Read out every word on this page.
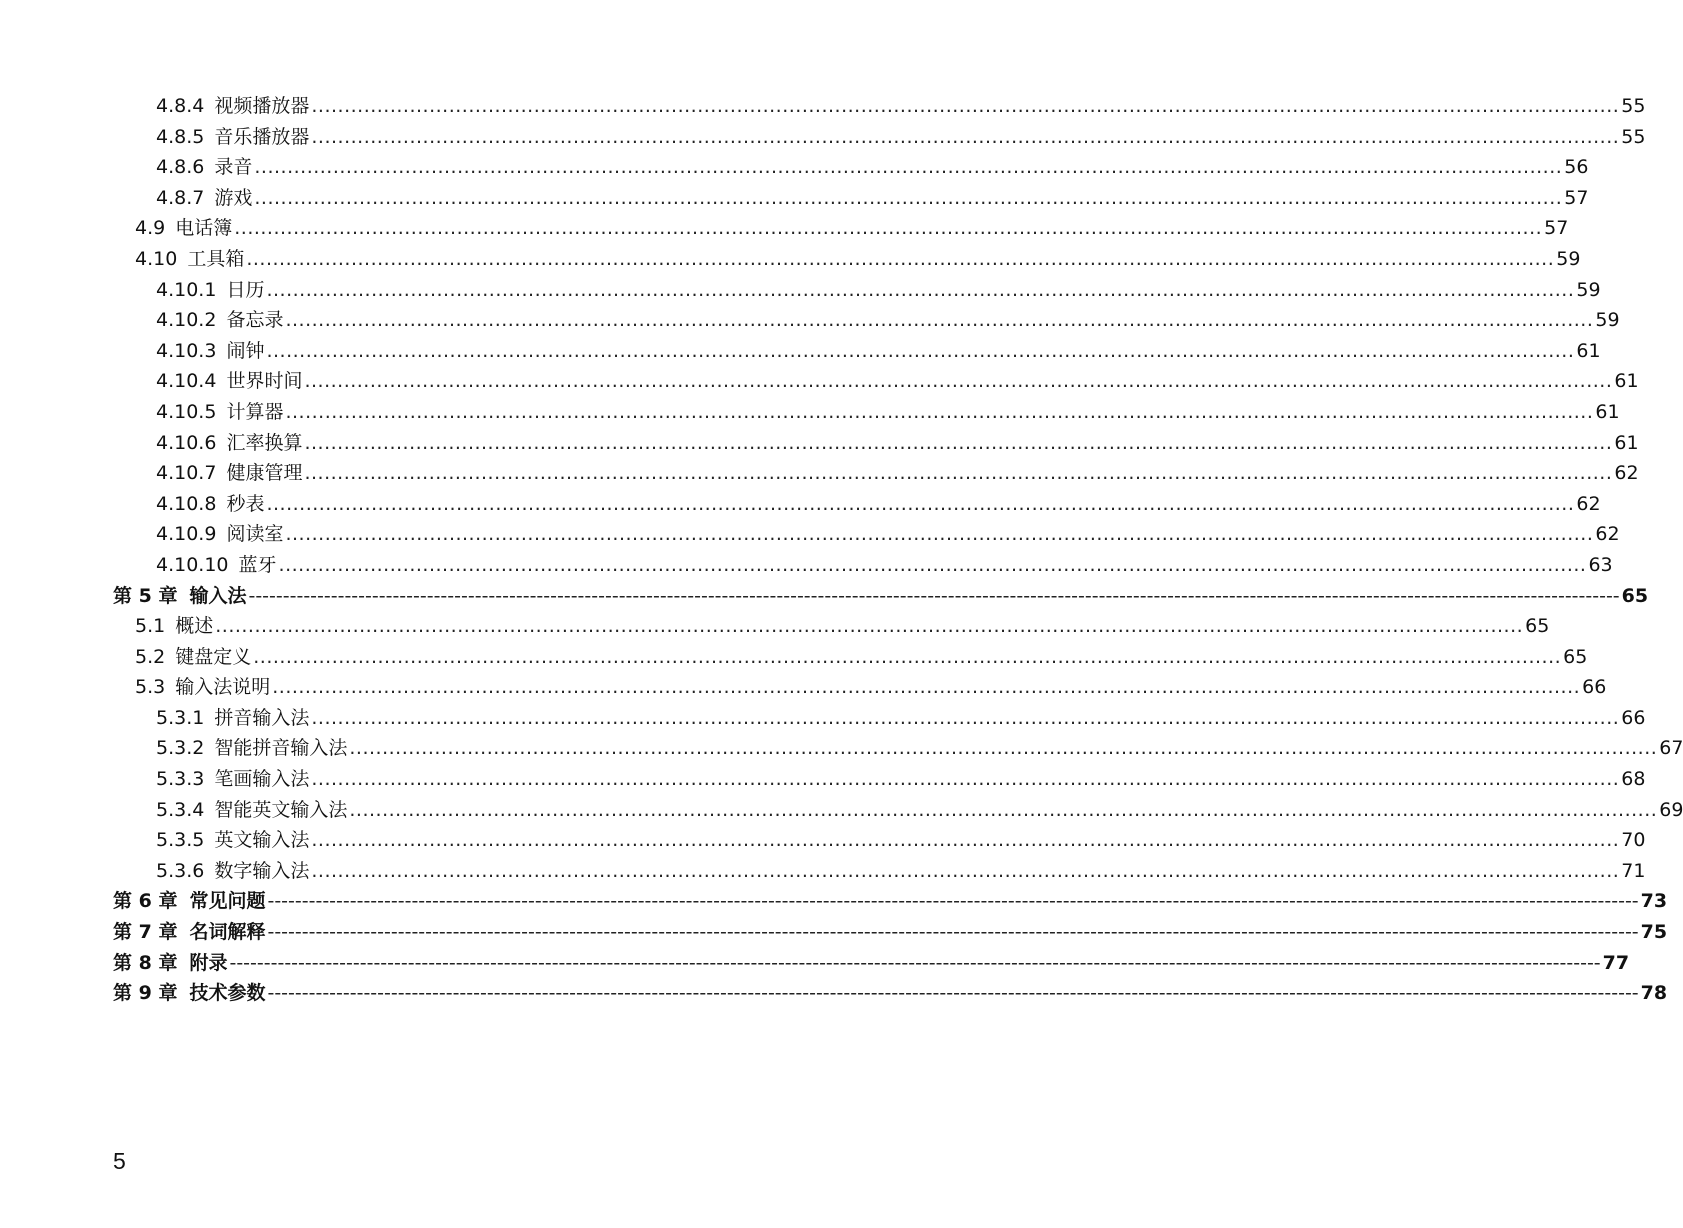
4.8.4 视频播放器 ........................................................................................................................................................................................................ 55
4.8.5 音乐播放器 ........................................................................................................................................................................................................ 55
4.8.6 录音 ........................................................................................................................................................................................................ 56
4.8.7 游戏 ........................................................................................................................................................................................................ 57
4.9 电话簿 ........................................................................................................................................................................................................ 57
4.10 工具箱 ........................................................................................................................................................................................................ 59
4.10.1 日历 ........................................................................................................................................................................................................ 59
4.10.2 备忘录 ........................................................................................................................................................................................................ 59
4.10.3 闹钟 ........................................................................................................................................................................................................ 61
4.10.4 世界时间 ........................................................................................................................................................................................................ 61
4.10.5 计算器 ........................................................................................................................................................................................................ 61
4.10.6 汇率换算 ........................................................................................................................................................................................................ 61
4.10.7 健康管理 ........................................................................................................................................................................................................ 62
4.10.8 秒表 ........................................................................................................................................................................................................ 62
4.10.9 阅读室 ........................................................................................................................................................................................................ 62
4.10.10 蓝牙 ........................................................................................................................................................................................................ 63
第 5 章 输入法 -------------------------------------------------------------------------------------------------------------------------------------------------------------------------------------------------------- 65
5.1 概述 ........................................................................................................................................................................................................ 65
5.2 键盘定义 ........................................................................................................................................................................................................ 65
5.3 输入法说明 ........................................................................................................................................................................................................ 66
5.3.1 拼音输入法 ........................................................................................................................................................................................................ 66
5.3.2 智能拼音输入法 ........................................................................................................................................................................................................ 67
5.3.3 笔画输入法 ........................................................................................................................................................................................................ 68
5.3.4 智能英文输入法 ........................................................................................................................................................................................................ 69
5.3.5 英文输入法 ........................................................................................................................................................................................................ 70
5.3.6 数字输入法 ........................................................................................................................................................................................................ 71
第 6 章 常见问题 -------------------------------------------------------------------------------------------------------------------------------------------------------------------------------------------------------- 73
第 7 章 名词解释 -------------------------------------------------------------------------------------------------------------------------------------------------------------------------------------------------------- 75
第 8 章 附录 -------------------------------------------------------------------------------------------------------------------------------------------------------------------------------------------------------- 77
第 9 章 技术参数 -------------------------------------------------------------------------------------------------------------------------------------------------------------------------------------------------------- 78
5
